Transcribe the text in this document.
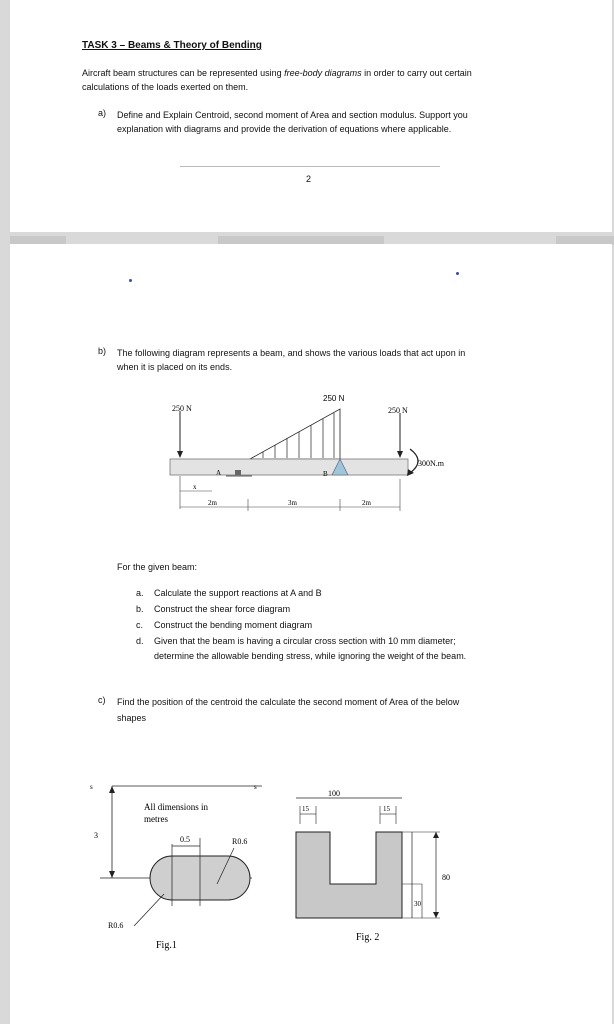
TASK 3 – Beams & Theory of Bending
Aircraft beam structures can be represented using free-body diagrams in order to carry out certain
calculations of the loads exerted on them.
a) Define and Explain Centroid, second moment of Area and section modulus. Support you
explanation with diagrams and provide the derivation of equations where applicable.
2
b) The following diagram represents a beam, and shows the various loads that act upon in
when it is placed on its ends.
250 N
250 N	250 N
300N.m
A	B
x
2m	3m	2m
For the given beam:
a. Calculate the support reactions at A and B
b. Construct the shear force diagram
c. Construct the bending moment diagram
d. Given that the beam is having a circular cross section with 10 mm diameter;
determine the allowable bending stress, while ignoring the weight of the beam.
c) Find the position of the centroid the calculate the second moment of Area of the below
shapes
s	s
3
All dimensions in
metres
0.5	R0.6
R0.6
Fig.1
100
15	15
80
30
Fig. 2
